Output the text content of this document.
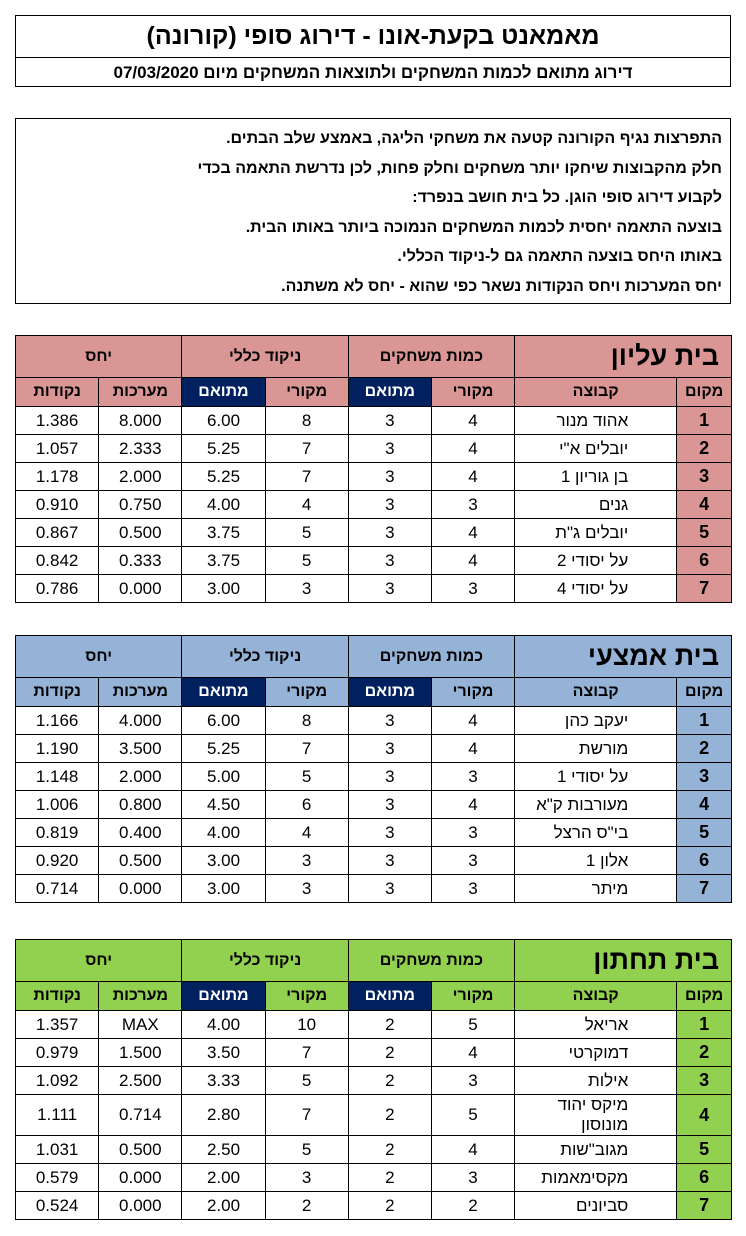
מאמאנט בקעת-אונו - דירוג סופי (קורונה)
דירוג מתואם לכמות המשחקים ולתוצאות המשחקים מיום 07/03/2020
התפרצות נגיף הקורונה קטעה את משחקי הליגה, באמצע שלב הבתים.
חלק מהקבוצות שיחקו יותר משחקים וחלק פחות, לכן נדרשת התאמה בכדי
לקבוע דירוג סופי הוגן. כל בית חושב בנפרד:
בוצעה התאמה יחסית לכמות המשחקים הנמוכה ביותר באותו הבית.
באותו היחס בוצעה התאמה גם ל-ניקוד הכללי.
יחס המערכות ויחס הנקודות נשאר כפי שהוא - יחס לא משתנה.
בית עליון		כמות משחקים		ניקוד כללי		יחס	
מקום	קבוצה	מקורי	מתואם	מקורי	מתואם	מערכות	נקודות
1	אהוד מנור	4	3	8	6.00	8.000	1.386
2	יובלים א"י	4	3	7	5.25	2.333	1.057
3	בן גוריון 1	4	3	7	5.25	2.000	1.178
4	גנים	3	3	4	4.00	0.750	0.910
5	יובלים ג"ת	4	3	5	3.75	0.500	0.867
6	על יסודי 2	4	3	5	3.75	0.333	0.842
7	על יסודי 4	3	3	3	3.00	0.000	0.786
בית אמצעי		כמות משחקים		ניקוד כללי		יחס	
מקום	קבוצה	מקורי	מתואם	מקורי	מתואם	מערכות	נקודות
1	יעקב כהן	4	3	8	6.00	4.000	1.166
2	מורשת	4	3	7	5.25	3.500	1.190
3	על יסודי 1	3	3	5	5.00	2.000	1.148
4	מעורבות ק"א	4	3	6	4.50	0.800	1.006
5	בי"ס הרצל	3	3	4	4.00	0.400	0.819
6	אלון 1	3	3	3	3.00	0.500	0.920
7	מיתר	3	3	3	3.00	0.000	0.714
בית תחתון		כמות משחקים		ניקוד כללי		יחס	
מקום	קבוצה	מקורי	מתואם	מקורי	מתואם	מערכות	נקודות
1	אריאל	5	2	10	4.00	MAX	1.357
2	דמוקרטי	4	2	7	3.50	1.500	0.979
3	אילות	3	2	5	3.33	2.500	1.092
4	מיקס יהוד מונוסון	5	2	7	2.80	0.714	1.111
5	מגוב"שות	4	2	5	2.50	0.500	1.031
6	מקסימאמות	3	2	3	2.00	0.000	0.579
7	סביונים	2	2	2	2.00	0.000	0.524
